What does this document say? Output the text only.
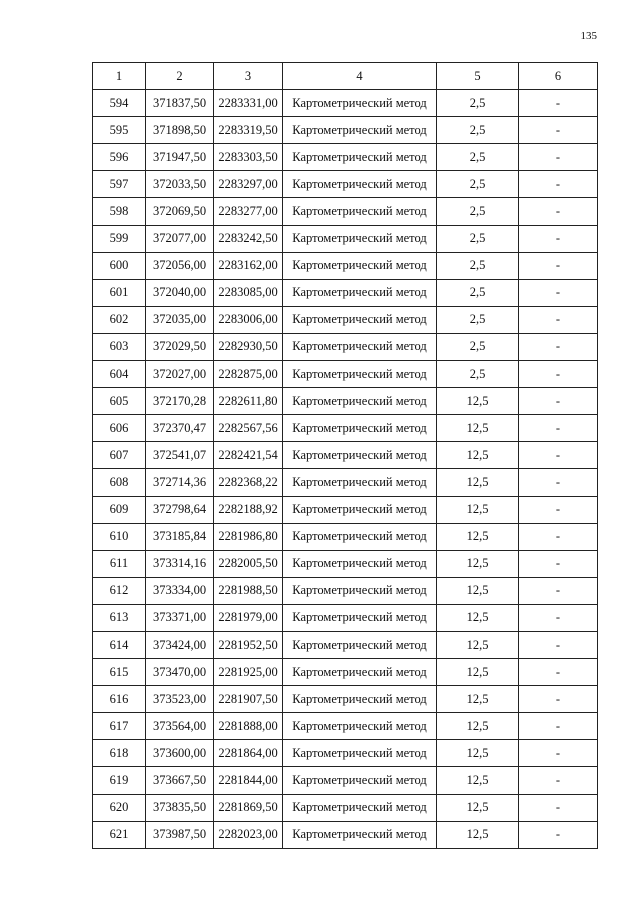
135
1	2	3	4	5	6
594	371837,50	2283331,00	Картометрический метод	2,5	-
595	371898,50	2283319,50	Картометрический метод	2,5	-
596	371947,50	2283303,50	Картометрический метод	2,5	-
597	372033,50	2283297,00	Картометрический метод	2,5	-
598	372069,50	2283277,00	Картометрический метод	2,5	-
599	372077,00	2283242,50	Картометрический метод	2,5	-
600	372056,00	2283162,00	Картометрический метод	2,5	-
601	372040,00	2283085,00	Картометрический метод	2,5	-
602	372035,00	2283006,00	Картометрический метод	2,5	-
603	372029,50	2282930,50	Картометрический метод	2,5	-
604	372027,00	2282875,00	Картометрический метод	2,5	-
605	372170,28	2282611,80	Картометрический метод	12,5	-
606	372370,47	2282567,56	Картометрический метод	12,5	-
607	372541,07	2282421,54	Картометрический метод	12,5	-
608	372714,36	2282368,22	Картометрический метод	12,5	-
609	372798,64	2282188,92	Картометрический метод	12,5	-
610	373185,84	2281986,80	Картометрический метод	12,5	-
611	373314,16	2282005,50	Картометрический метод	12,5	-
612	373334,00	2281988,50	Картометрический метод	12,5	-
613	373371,00	2281979,00	Картометрический метод	12,5	-
614	373424,00	2281952,50	Картометрический метод	12,5	-
615	373470,00	2281925,00	Картометрический метод	12,5	-
616	373523,00	2281907,50	Картометрический метод	12,5	-
617	373564,00	2281888,00	Картометрический метод	12,5	-
618	373600,00	2281864,00	Картометрический метод	12,5	-
619	373667,50	2281844,00	Картометрический метод	12,5	-
620	373835,50	2281869,50	Картометрический метод	12,5	-
621	373987,50	2282023,00	Картометрический метод	12,5	-
